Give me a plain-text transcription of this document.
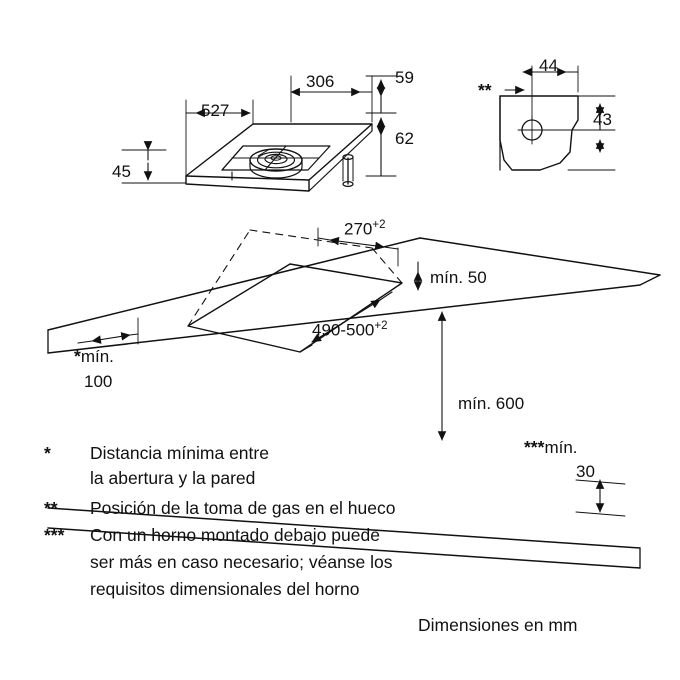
306
527
59
62
45
44
43
**
$270^{+2}$
$490-500^{+2}$
mín. 50
mín. 600
*mín.
100
***mín.
30
* Distancia mínima entre
la abertura y la pared
** Posición de la toma de gas en el hueco
*** Con un horno montado debajo puede
ser más en caso necesario; véanse los
requisitos dimensionales del horno
Dimensiones en mm
